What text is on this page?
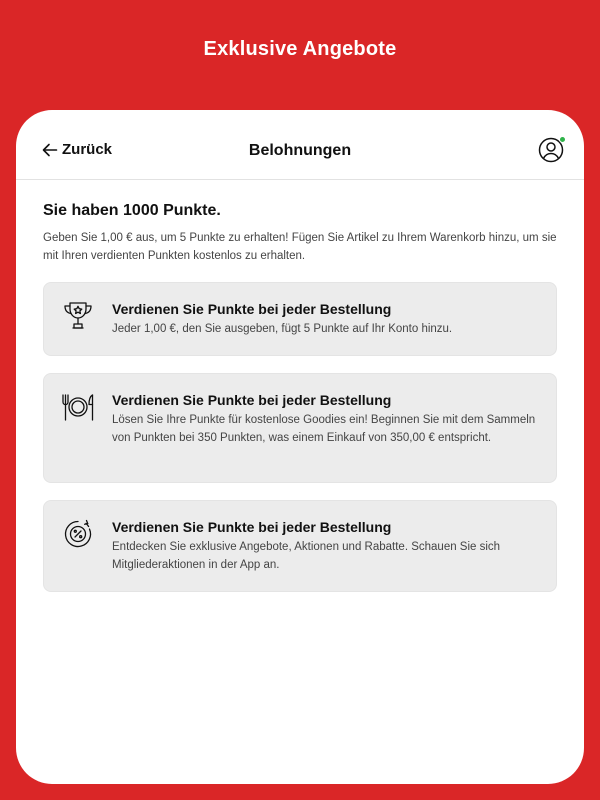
Exklusive Angebote
Zurück	Belohnungen
Sie haben 1000 Punkte.
Geben Sie 1,00 € aus, um 5 Punkte zu erhalten! Fügen Sie Artikel zu Ihrem Warenkorb hinzu, um sie mit Ihren verdienten Punkten kostenlos zu erhalten.
Verdienen Sie Punkte bei jeder Bestellung
Jeder 1,00 €, den Sie ausgeben, fügt 5 Punkte auf Ihr Konto hinzu.
Verdienen Sie Punkte bei jeder Bestellung
Lösen Sie Ihre Punkte für kostenlose Goodies ein! Beginnen Sie mit dem Sammeln von Punkten bei 350 Punkten, was einem Einkauf von 350,00 € entspricht.
Verdienen Sie Punkte bei jeder Bestellung
Entdecken Sie exklusive Angebote, Aktionen und Rabatte. Schauen Sie sich Mitgliederaktionen in der App an.
